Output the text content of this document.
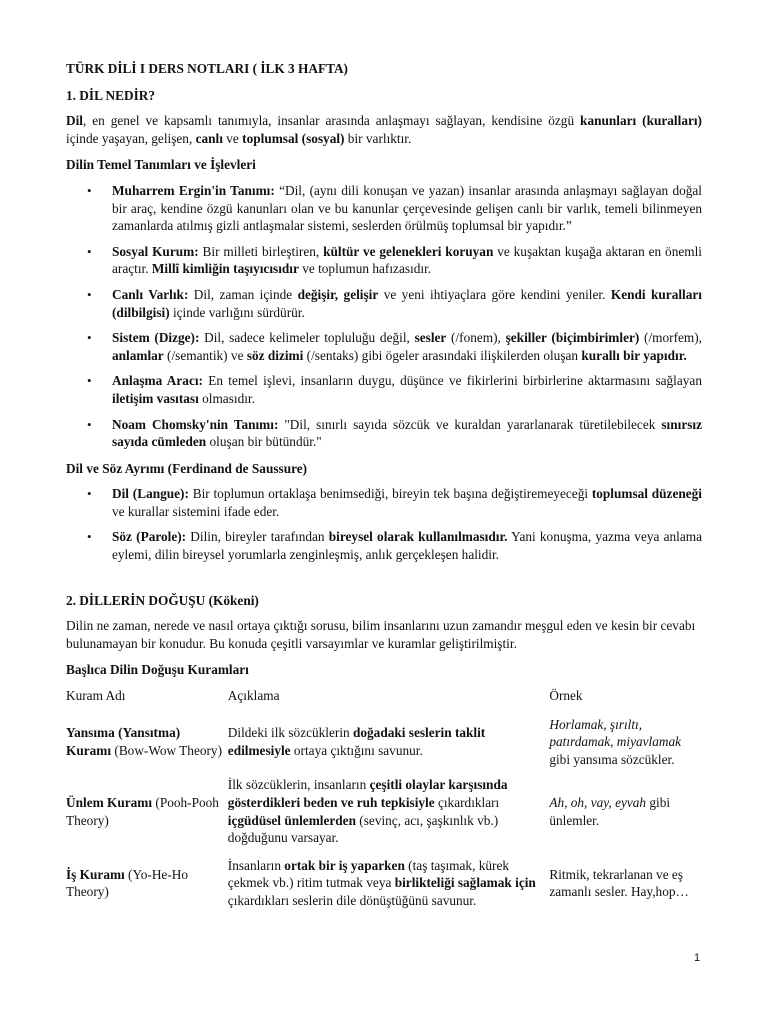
TÜRK DİLİ I DERS NOTLARI ( İLK 3 HAFTA)

1. DİL NEDİR?

Dil, en genel ve kapsamlı tanımıyla, insanlar arasında anlaşmayı sağlayan, kendisine özgü kanunları (kuralları) içinde yaşayan, gelişen, canlı ve toplumsal (sosyal) bir varlıktır.

Dilin Temel Tanımları ve İşlevleri

• Muharrem Ergin'in Tanımı: “Dil, (aynı dili konuşan ve yazan) insanlar arasında anlaşmayı sağlayan doğal bir araç, kendine özgü kanunları olan ve bu kanunlar çerçevesinde gelişen canlı bir varlık, temeli bilinmeyen zamanlarda atılmış gizli antlaşmalar sistemi, seslerden örülmüş toplumsal bir yapıdır.”
• Sosyal Kurum: Bir milleti birleştiren, kültür ve gelenekleri koruyan ve kuşaktan kuşağa aktaran en önemli araçtır. Millî kimliğin taşıyıcısıdır ve toplumun hafızasıdır.
• Canlı Varlık: Dil, zaman içinde değişir, gelişir ve yeni ihtiyaçlara göre kendini yeniler. Kendi kuralları (dilbilgisi) içinde varlığını sürdürür.
• Sistem (Dizge): Dil, sadece kelimeler topluluğu değil, sesler (/fonem), şekiller (biçimbirimler) (/morfem), anlamlar (/semantik) ve söz dizimi (/sentaks) gibi ögeler arasındaki ilişkilerden oluşan kurallı bir yapıdır.
• Anlaşma Aracı: En temel işlevi, insanların duygu, düşünce ve fikirlerini birbirlerine aktarmasını sağlayan iletişim vasıtası olmasıdır.
• Noam Chomsky'nin Tanımı: "Dil, sınırlı sayıda sözcük ve kuraldan yararlanarak türetilebilecek sınırsız sayıda cümleden oluşan bir bütündür."

Dil ve Söz Ayrımı (Ferdinand de Saussure)

• Dil (Langue): Bir toplumun ortaklaşa benimsediği, bireyin tek başına değiştiremeyeceği toplumsal düzeneği ve kurallar sistemini ifade eder.
• Söz (Parole): Dilin, bireyler tarafından bireysel olarak kullanılmasıdır. Yani konuşma, yazma veya anlama eylemi, dilin bireysel yorumlarla zenginleşmiş, anlık gerçekleşen halidir.

2. DİLLERİN DOĞUŞU (Kökeni)

Dilin ne zaman, nerede ve nasıl ortaya çıktığı sorusu, bilim insanlarını uzun zamandır meşgul eden ve kesin bir cevabı bulunamayan bir konudur. Bu konuda çeşitli varsayımlar ve kuramlar geliştirilmiştir.

Başlıca Dilin Doğuşu Kuramları

Kuram Adı	Açıklama	Örnek
Yansıma (Yansıtma) Kuramı (Bow-Wow Theory)	Dildeki ilk sözcüklerin doğadaki seslerin taklit edilmesiyle ortaya çıktığını savunur.	Horlamak, şırıltı, patırdamak, miyavlamak gibi yansıma sözcükler.
Ünlem Kuramı (Pooh-Pooh Theory)	İlk sözcüklerin, insanların çeşitli olaylar karşısında gösterdikleri beden ve ruh tepkisiyle çıkardıkları içgüdüsel ünlemlerden (sevinç, acı, şaşkınlık vb.) doğduğunu varsayar.	Ah, oh, vay, eyvah gibi ünlemler.
İş Kuramı (Yo-He-Ho Theory)	İnsanların ortak bir iş yaparken (taş taşımak, kürek çekmek vb.) ritim tutmak veya birlikteliği sağlamak için çıkardıkları seslerin dile dönüştüğünü savunur.	Ritmik, tekrarlanan ve eş zamanlı sesler. Hay,hop…
1
